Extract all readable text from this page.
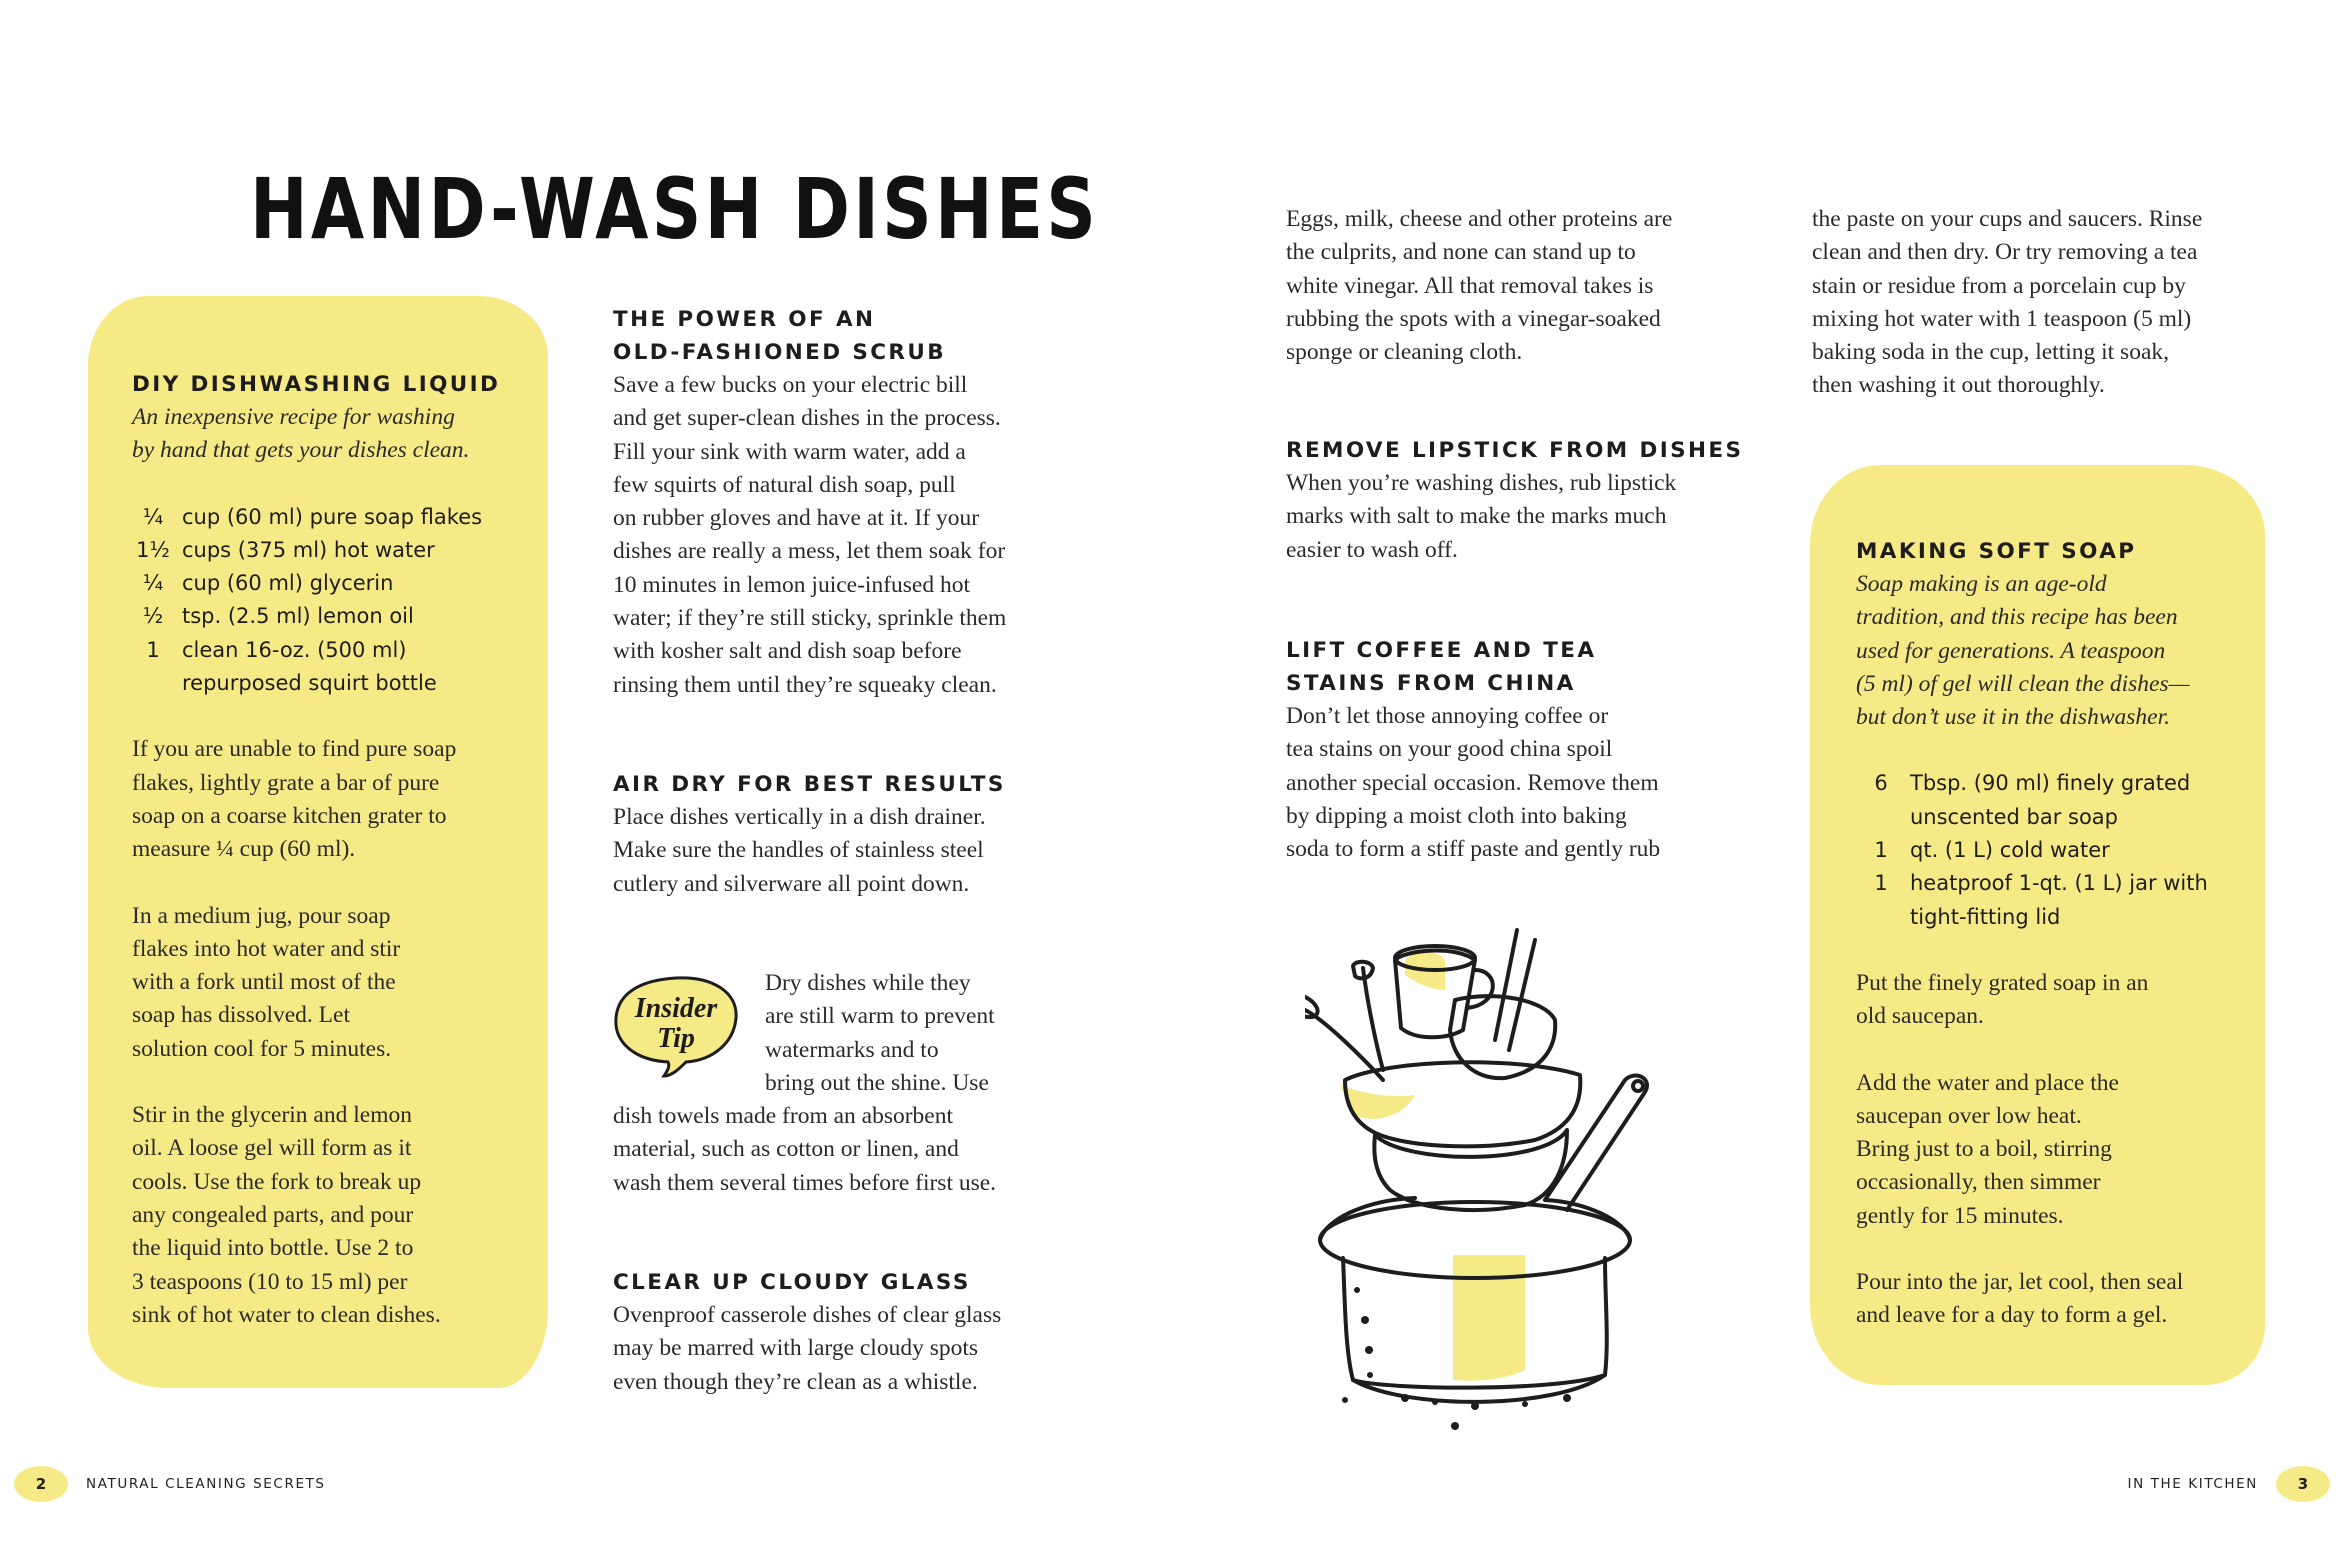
HAND-WASH DISHES

DIY DISHWASHING LIQUID

An inexpensive recipe for washing

by hand that gets your dishes clean.

¼ cup (60 ml) pure soap flakes
1½ cups (375 ml) hot water
¼ cup (60 ml) glycerin
½ tsp. (2.5 ml) lemon oil
1	clean 16-oz. (500 ml)
repurposed squirt bottle

If you are unable to find pure soap

flakes, lightly grate a bar of pure

soap on a coarse kitchen grater to

measure ¼ cup (60 ml).

In a medium jug, pour soap

flakes into hot water and stir

with a fork until most of the

soap has dissolved. Let

solution cool for 5 minutes.

Stir in the glycerin and lemon

oil. A loose gel will form as it

cools. Use the fork to break up

any congealed parts, and pour

the liquid into bottle. Use 2 to

3 teaspoons (10 to 15 ml) per

sink of hot water to clean dishes.

THE POWER OF AN

OLD-FASHIONED SCRUB

Save a few bucks on your electric bill

and get super-clean dishes in the process.

Fill your sink with warm water, add a

few squirts of natural dish soap, pull

on rubber gloves and have at it. If your

dishes are really a mess, let them soak for

10 minutes in lemon juice-infused hot

water; if they’re still sticky, sprinkle them

with kosher salt and dish soap before

rinsing them until they’re squeaky clean.

AIR DRY FOR BEST RESULTS

Place dishes vertically in a dish drainer.

Make sure the handles of stainless steel

cutlery and silverware all point down.

Insider
Tip

Dry dishes while they

are still warm to prevent

watermarks and to

bring out the shine. Use

dish towels made from an absorbent

material, such as cotton or linen, and

wash them several times before first use.

CLEAR UP CLOUDY GLASS

Ovenproof casserole dishes of clear glass

may be marred with large cloudy spots

even though they’re clean as a whistle.

Eggs, milk, cheese and other proteins are

the culprits, and none can stand up to

white vinegar. All that removal takes is

rubbing the spots with a vinegar-soaked

sponge or cleaning cloth.

REMOVE LIPSTICK FROM DISHES

When you’re washing dishes, rub lipstick

marks with salt to make the marks much

easier to wash off.

LIFT COFFEE AND TEA

STAINS FROM CHINA

Don’t let those annoying coffee or

tea stains on your good china spoil

another special occasion. Remove them

by dipping a moist cloth into baking

soda to form a stiff paste and gently rub

the paste on your cups and saucers. Rinse

clean and then dry. Or try removing a tea

stain or residue from a porcelain cup by

mixing hot water with 1 teaspoon (5 ml)

baking soda in the cup, letting it soak,

then washing it out thoroughly.

MAKING SOFT SOAP

Soap making is an age-old

tradition, and this recipe has been

used for generations. A teaspoon

(5 ml) of gel will clean the dishes—

but don’t use it in the dishwasher.

6	Tbsp. (90 ml) finely grated
unscented bar soap
1	qt. (1 L) cold water
1	heatproof 1-qt. (1 L) jar with
tight-fitting lid

Put the finely grated soap in an

old saucepan.

Add the water and place the

saucepan over low heat.

Bring just to a boil, stirring

occasionally, then simmer

gently for 15 minutes.

Pour into the jar, let cool, then seal

and leave for a day to form a gel.

2	NATURAL CLEANING SECRETS	IN THE KITCHEN	3
